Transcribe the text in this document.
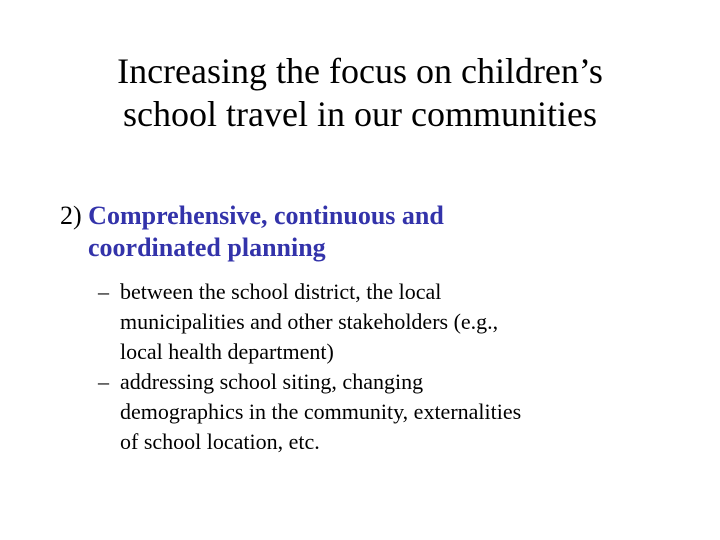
Increasing the focus on children’s
school travel in our communities
2) Comprehensive, continuous and
coordinated planning
– between the school district, the local
municipalities and other stakeholders (e.g.,
local health department)
– addressing school siting, changing
demographics in the community, externalities
of school location, etc.
